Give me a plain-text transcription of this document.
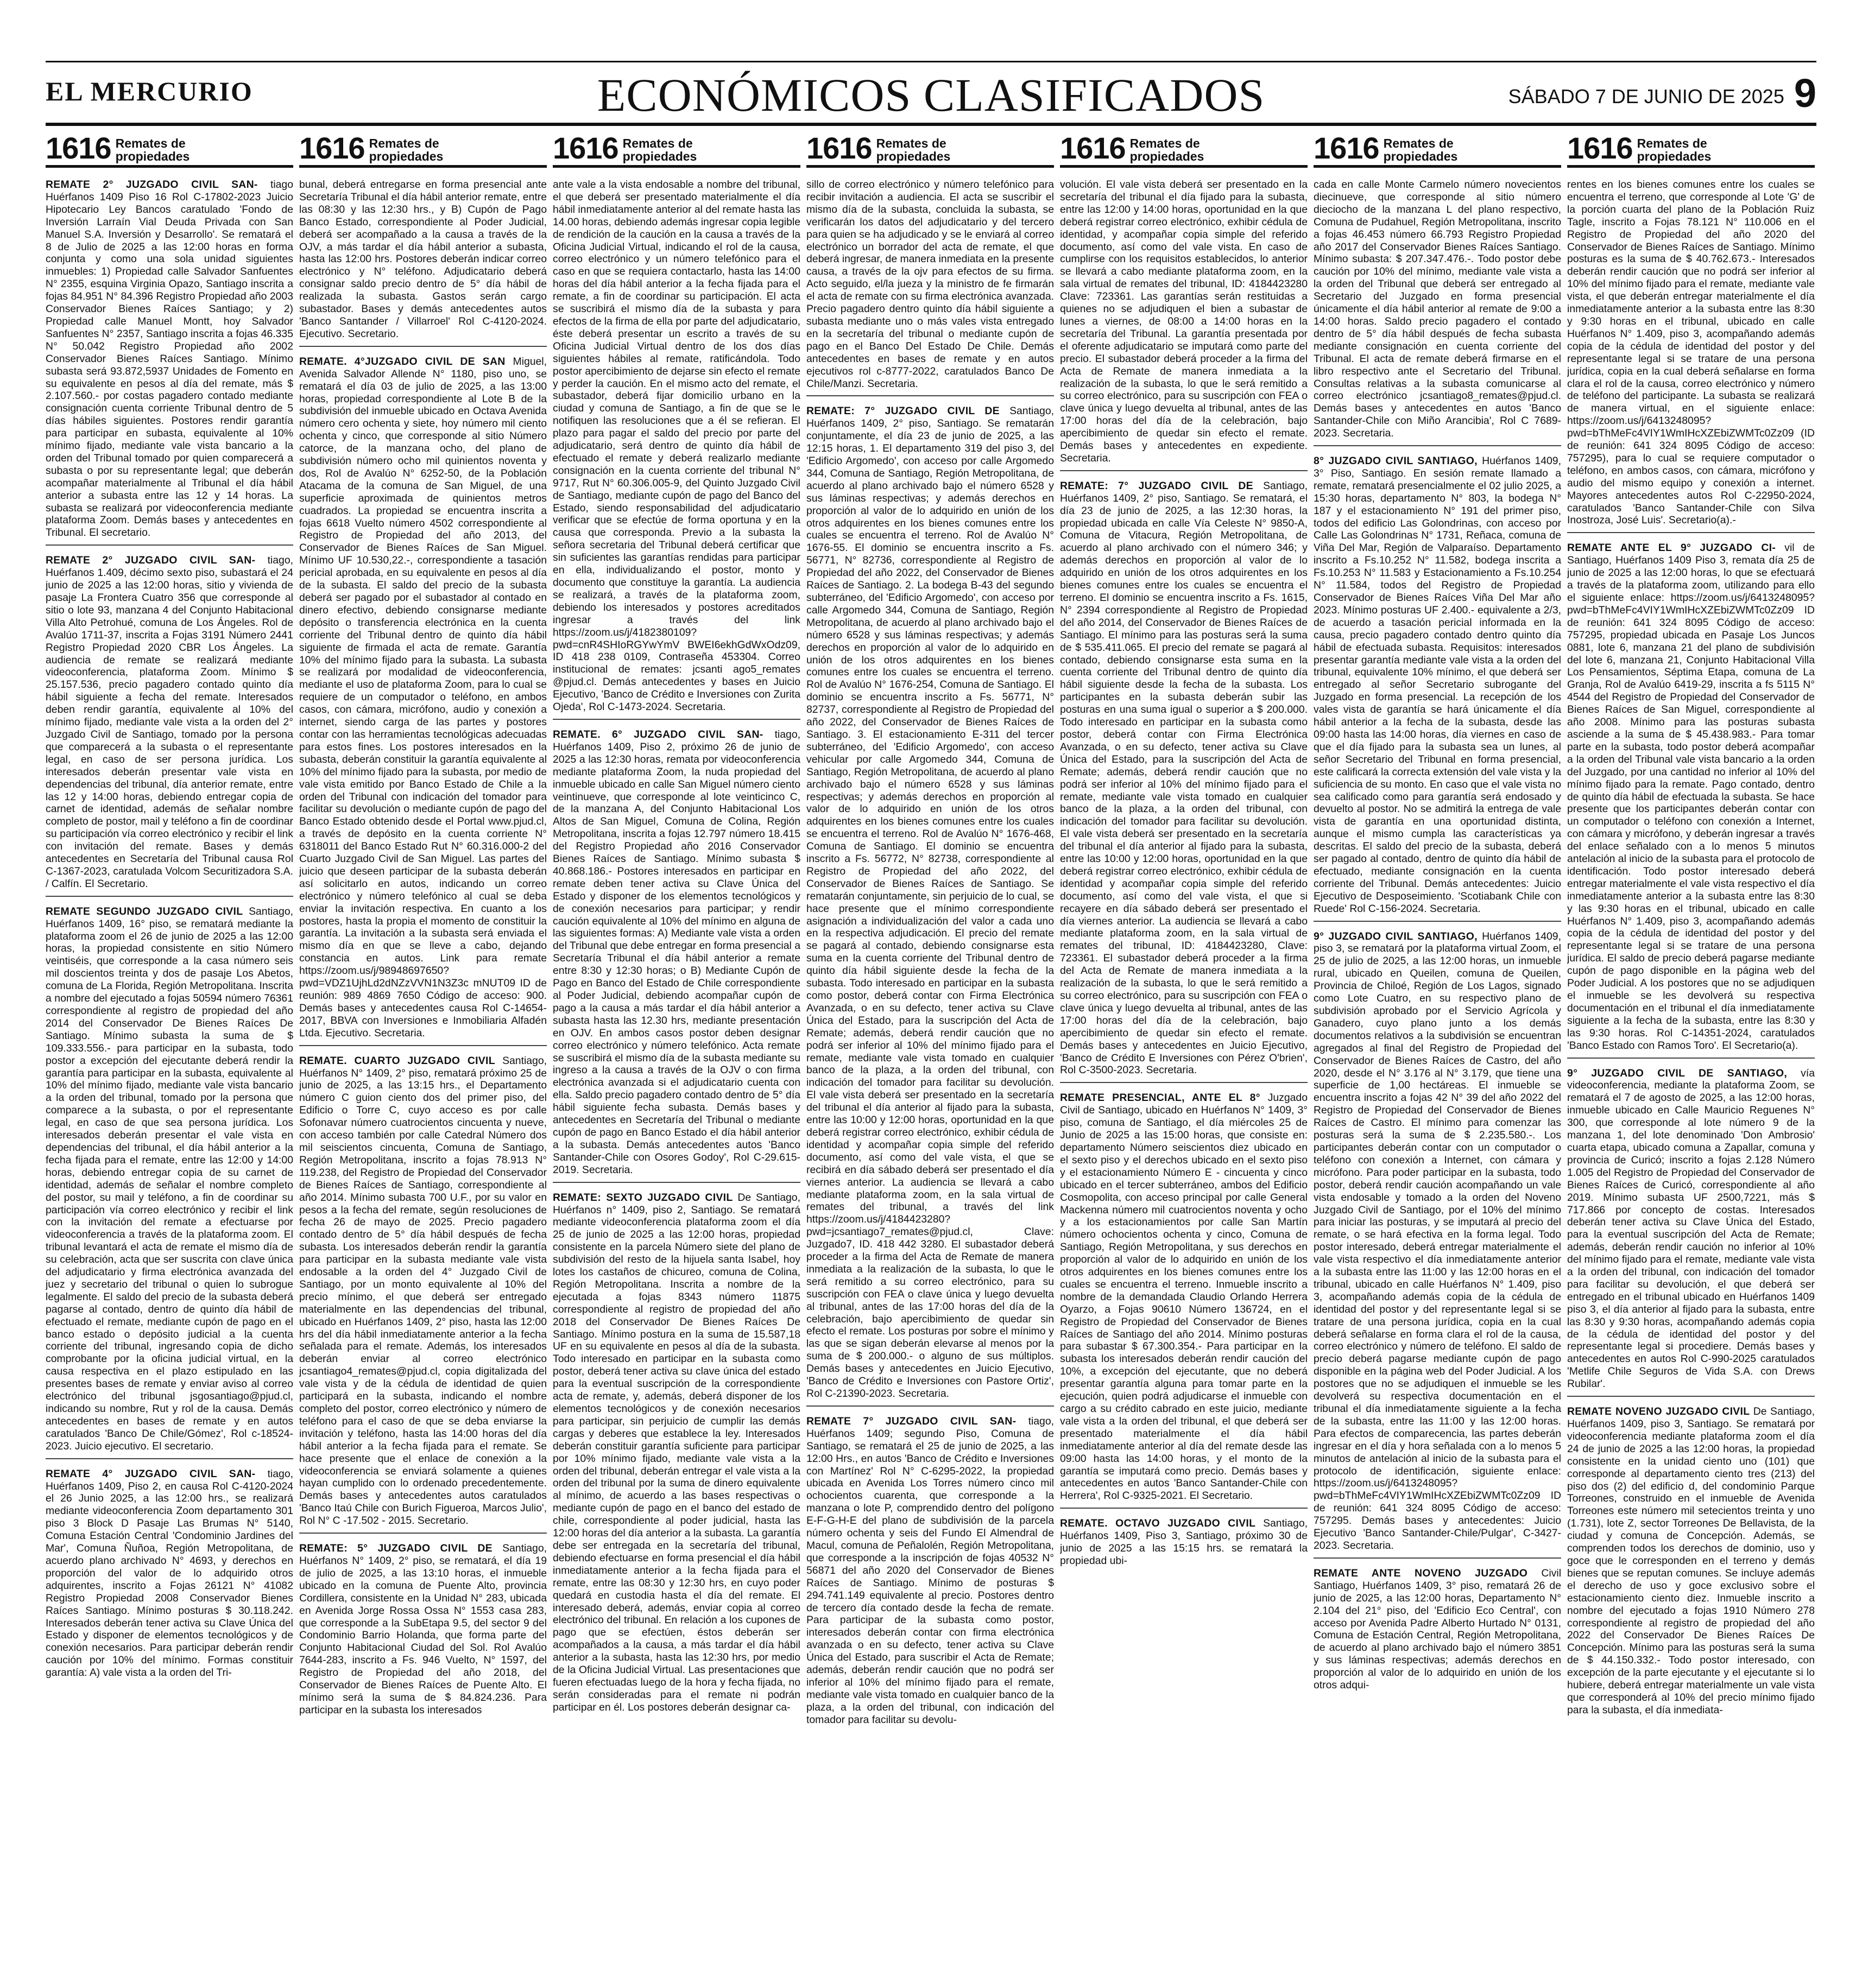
EL MERCURIO	ECONÓMICOS CLASIFICADOS	SÁBADO 7 DE JUNIO DE 2025 9
1616 Remates de propiedades

REMATE 2° JUZGADO CIVIL SAN- tiago Huérfanos 1409 Piso 16 Rol C-17802-2023 Juicio Hipotecario Ley Bancos caratulado 'Fondo de Inversión Larraín Vial Deuda Privada con San Manuel S.A. Inversión y Desarrollo'. Se rematará el 8 de Julio de 2025 a las 12:00 horas en forma conjunta y como una sola unidad siguientes inmuebles: 1) Propiedad calle Salvador Sanfuentes N° 2355, esquina Virginia Opazo, Santiago inscrita a fojas 84.951 N° 84.396 Registro Propiedad año 2003 Conservador Bienes Raíces Santiago; y 2) Propiedad calle Manuel Montt, hoy Salvador Sanfuentes N° 2357, Santiago inscrita a fojas 46.335 N° 50.042 Registro Propiedad año 2002 Conservador Bienes Raíces Santiago. Mínimo subasta será 93.872,5937 Unidades de Fomento en su equivalente en pesos al día del remate, más $ 2.107.560.- por costas pagadero contado mediante consignación cuenta corriente Tribunal dentro de 5 días hábiles siguientes. Postores rendir garantía para participar en subasta, equivalente al 10% mínimo fijado, mediante vale vista bancario a la orden del Tribunal tomado por quien comparecerá a subasta o por su representante legal; que deberán acompañar materialmente al Tribunal el día hábil anterior a subasta entre las 12 y 14 horas. La subasta se realizará por videoconferencia mediante plataforma Zoom. Demás bases y antecedentes en Tribunal. El secretario.

REMATE 2° JUZGADO CIVIL SAN- tiago, Huérfanos 1.409, décimo sexto piso, subastará el 24 junio de 2025 a las 12:00 horas, sitio y vivienda de pasaje La Frontera Cuatro 356 que corresponde al sitio o lote 93, manzana 4 del Conjunto Habitacional Villa Alto Petrohué, comuna de Los Ángeles. Rol de Avalúo 1711-37, inscrita a Fojas 3191 Número 2441 Registro Propiedad 2020 CBR Los Ángeles. La audiencia de remate se realizará mediante videoconferencia, plataforma Zoom. Mínimo $ 25.157.536, precio pagadero contado quinto día hábil siguiente a fecha del remate. Interesados deben rendir garantía, equivalente al 10% del mínimo fijado, mediante vale vista a la orden del 2° Juzgado Civil de Santiago, tomado por la persona que comparecerá a la subasta o el representante legal, en caso de ser persona jurídica. Los interesados deberán presentar vale vista en dependencias del tribunal, día anterior remate, entre las 12 y 14:00 horas, debiendo entregar copia de carnet de identidad, además de señalar nombre completo de postor, mail y teléfono a fin de coordinar su participación vía correo electrónico y recibir el link con invitación del remate. Bases y demás antecedentes en Secretaría del Tribunal causa Rol C-1367-2023, caratulada Volcom Securitizadora S.A. / Calfín. El Secretario.

REMATE SEGUNDO JUZGADO CIVIL Santiago, Huérfanos 1409, 16° piso, se rematará mediante la plataforma zoom el 26 de junio de 2025 a las 12:00 horas, la propiedad consistente en sitio Número veintiséis, que corresponde a la casa número seis mil doscientos treinta y dos de pasaje Los Abetos, comuna de La Florida, Región Metropolitana. Inscrita a nombre del ejecutado a fojas 50594 número 76361 correspondiente al registro de propiedad del año 2014 del Conservador De Bienes Raíces De Santiago. Mínimo subasta la suma de $ 109.333.556.- para participar en la subasta, todo postor a excepción del ejecutante deberá rendir la garantía para participar en la subasta, equivalente al 10% del mínimo fijado, mediante vale vista bancario a la orden del tribunal, tomado por la persona que comparece a la subasta, o por el representante legal, en caso de que sea persona jurídica. Los interesados deberán presentar el vale vista en dependencias del tribunal, el día hábil anterior a la fecha fijada para el remate, entre las 12:00 y 14:00 horas, debiendo entregar copia de su carnet de identidad, además de señalar el nombre completo del postor, su mail y teléfono, a fin de coordinar su participación vía correo electrónico y recibir el link con la invitación del remate a efectuarse por videoconferencia a través de la plataforma zoom. El tribunal levantará el acta de remate el mismo día de su celebración, acta que ser suscrita con clave única del adjudicatario y firma electrónica avanzada del juez y secretario del tribunal o quien lo subrogue legalmente. El saldo del precio de la subasta deberá pagarse al contado, dentro de quinto día hábil de efectuado el remate, mediante cupón de pago en el banco estado o depósito judicial a la cuenta corriente del tribunal, ingresando copia de dicho comprobante por la oficina judicial virtual, en la causa respectiva en el plazo estipulado en las presentes bases de remate y enviar aviso al correo electrónico del tribunal jsgosantiago@pjud.cl, indicando su nombre, Rut y rol de la causa. Demás antecedentes en bases de remate y en autos caratulados 'Banco De Chile/Gómez', Rol c-18524-2023. Juicio ejecutivo. El secretario.

REMATE 4° JUZGADO CIVIL SAN- tiago, Huérfanos 1409, Piso 2, en causa Rol C-4120-2024 el 26 Junio 2025, a las 12:00 hrs., se realizará mediante videoconferencia Zoom departamento 301 piso 3 Block D Pasaje Las Brumas N° 5140, Comuna Estación Central 'Condominio Jardines del Mar', Comuna Ñuñoa, Región Metropolitana, de acuerdo plano archivado N° 4693, y derechos en proporción del valor de lo adquirido otros adquirentes, inscrito a Fojas 26121 N° 41082 Registro Propiedad 2008 Conservador Bienes Raíces Santiago. Mínimo posturas $ 30.118.242. Interesados deberán tener activa su Clave Única del Estado y disponer de elementos tecnológicos y de conexión necesarios. Para participar deberán rendir caución por 10% del mínimo. Formas constituir garantía: A) vale vista a la orden del Tri-

1616 Remates de propiedades

bunal, deberá entregarse en forma presencial ante Secretaría Tribunal el día hábil anterior remate, entre las 08:30 y las 12:30 hrs., y B) Cupón de Pago Banco Estado, correspondiente al Poder Judicial, deberá ser acompañado a la causa a través de la OJV, a más tardar el día hábil anterior a subasta, hasta las 12:00 hrs. Postores deberán indicar correo electrónico y N° teléfono. Adjudicatario deberá consignar saldo precio dentro de 5° día hábil de realizada la subasta. Gastos serán cargo subastador. Bases y demás antecedentes autos 'Banco Santander / Villarroel' Rol C-4120-2024. Ejecutivo. Secretario.

REMATE. 4°JUZGADO CIVIL DE SAN Miguel, Avenida Salvador Allende N° 1180, piso uno, se rematará el día 03 de julio de 2025, a las 13:00 horas, propiedad correspondiente al Lote B de la subdivisión del inmueble ubicado en Octava Avenida número cero ochenta y siete, hoy número mil ciento ochenta y cinco, que corresponde al sitio Número catorce, de la manzana ocho, del plano de subdivisión número ocho mil quinientos noventa y dos, Rol de Avalúo N° 6252-50, de la Población Atacama de la comuna de San Miguel, de una superficie aproximada de quinientos metros cuadrados. La propiedad se encuentra inscrita a fojas 6618 Vuelto número 4502 correspondiente al Registro de Propiedad del año 2013, del Conservador de Bienes Raíces de San Miguel. Mínimo UF 10.530,22.-, correspondiente a tasación pericial aprobada, en su equivalente en pesos al día de la subasta. El saldo del precio de la subasta deberá ser pagado por el subastador al contado en dinero efectivo, debiendo consignarse mediante depósito o transferencia electrónica en la cuenta corriente del Tribunal dentro de quinto día hábil siguiente de firmada el acta de remate. Garantía 10% del mínimo fijado para la subasta. La subasta se realizará por modalidad de videoconferencia, mediante el uso de plataforma Zoom, para lo cual se requiere de un computador o teléfono, en ambos casos, con cámara, micrófono, audio y conexión a internet, siendo carga de las partes y postores contar con las herramientas tecnológicas adecuadas para estos fines. Los postores interesados en la subasta, deberán constituir la garantía equivalente al 10% del mínimo fijado para la subasta, por medio de vale vista emitido por Banco Estado de Chile a la orden del Tribunal con indicación del tomador para facilitar su devolución o mediante cupón de pago del Banco Estado obtenido desde el Portal www.pjud.cl, a través de depósito en la cuenta corriente N° 6318011 del Banco Estado Rut N° 60.316.000-2 del Cuarto Juzgado Civil de San Miguel. Las partes del juicio que deseen participar de la subasta deberán así solicitarlo en autos, indicando un correo electrónico y número telefónico al cual se deba enviar la invitación respectiva. En cuanto a los postores, hasta la propia el momento de constituir la garantía. La invitación a la subasta será enviada el mismo día en que se lleve a cabo, dejando constancia en autos. Link para remate https://zoom.us/j/98948697650?pwd=VDZ1UjhLd2dNZzVVN1N3Z3c mNUT09 ID de reunión: 989 4869 7650 Código de acceso: 900. Demás bases y antecedentes causa Rol C-14654-2017, BBVA con Inversiones e Inmobiliaria Alfadén Ltda. Ejecutivo. Secretaria.

REMATE. CUARTO JUZGADO CIVIL Santiago, Huérfanos N° 1409, 2° piso, rematará próximo 25 de junio de 2025, a las 13:15 hrs., el Departamento número C guion ciento dos del primer piso, del Edificio o Torre C, cuyo acceso es por calle Sofonavar número cuatrocientos cincuenta y nueve, con acceso también por calle Catedral Número dos mil seiscientos cincuenta, Comuna de Santiago, Región Metropolitana, inscrito a fojas 78.913 N° 119.238, del Registro de Propiedad del Conservador de Bienes Raíces de Santiago, correspondiente al año 2014. Mínimo subasta 700 U.F., por su valor en pesos a la fecha del remate, según resoluciones de fecha 26 de mayo de 2025. Precio pagadero contado dentro de 5° día hábil después de fecha subasta. Los interesados deberán rendir la garantía para participar en la subasta mediante vale vista endosable a la orden del 4° Juzgado Civil de Santiago, por un monto equivalente al 10% del precio mínimo, el que deberá ser entregado materialmente en las dependencias del tribunal, ubicado en Huérfanos 1409, 2° piso, hasta las 12:00 hrs del día hábil inmediatamente anterior a la fecha señalada para el remate. Además, los interesados deberán enviar al correo electrónico jcsantiago4_remates@pjud.cl, copia digitalizada del vale vista y de la cédula de identidad de quien participará en la subasta, indicando el nombre completo del postor, correo electrónico y número de teléfono para el caso de que se deba enviarse la invitación y teléfono, hasta las 14:00 horas del día hábil anterior a la fecha fijada para el remate. Se hace presente que el enlace de conexión a la videoconferencia se enviará solamente a quienes hayan cumplido con lo ordenado precedentemente. Demás bases y antecedentes autos caratulados 'Banco Itaú Chile con Burich Figueroa, Marcos Julio', Rol N° C -17.502 - 2015. Secretario.

REMATE: 5° JUZGADO CIVIL DE Santiago, Huérfanos N° 1409, 2° piso, se rematará, el día 19 de julio de 2025, a las 13:10 horas, el inmueble ubicado en la comuna de Puente Alto, provincia Cordillera, consistente en la Unidad N° 283, ubicada en Avenida Jorge Rossa Ossa N° 1553 casa 283, que corresponde a la SubEtapa 9.5, del sector 9 del Condominio Barrio Holanda, que forma parte del Conjunto Habitacional Ciudad del Sol. Rol Avalúo 7644-283, inscrito a Fs. 946 Vuelto, N° 1597, del Registro de Propiedad del año 2018, del Conservador de Bienes Raíces de Puente Alto. El mínimo será la suma de $ 84.824.236. Para participar en la subasta los interesados

1616 Remates de propiedades

ante vale a la vista endosable a nombre del tribunal, el que deberá ser presentado materialmente el día hábil inmediatamente anterior al del remate hasta las 14.00 horas, debiendo además ingresar copia legible de rendición de la caución en la causa a través de la Oficina Judicial Virtual, indicando el rol de la causa, correo electrónico y un número telefónico para el caso en que se requiera contactarlo, hasta las 14:00 horas del día hábil anterior a la fecha fijada para el remate, a fin de coordinar su participación. El acta se suscribirá el mismo día de la subasta y para efectos de la firma de ella por parte del adjudicatario, éste deberá presentar un escrito a través de su Oficina Judicial Virtual dentro de los dos días siguientes hábiles al remate, ratificándola. Todo postor apercibimiento de dejarse sin efecto el remate y perder la caución. En el mismo acto del remate, el subastador, deberá fijar domicilio urbano en la ciudad y comuna de Santiago, a fin de que se le notifiquen las resoluciones que a él se refieran. El plazo para pagar el saldo del precio por parte del adjudicatario, será dentro de quinto día hábil de efectuado el remate y deberá realizarlo mediante consignación en la cuenta corriente del tribunal N° 9717, Rut N° 60.306.005-9, del Quinto Juzgado Civil de Santiago, mediante cupón de pago del Banco del Estado, siendo responsabilidad del adjudicatario verificar que se efectúe de forma oportuna y en la causa que corresponda. Previo a la subasta la señora secretaria del Tribunal deberá certificar que sin suficientes las garantías rendidas para participar en ella, individualizando el postor, monto y documento que constituye la garantía. La audiencia se realizará, a través de la plataforma zoom, debiendo los interesados y postores acreditados ingresar a través del link https://zoom.us/j/4182380109?pwd=cnR4SHIoRGYwYmV BWEI6ekhGdWxOdz09, ID 418 238 0109, Contraseña 453304. Correo institucional de remates: jcsanti ago5_remates @pjud.cl. Demás antecedentes y bases en Juicio Ejecutivo, 'Banco de Crédito e Inversiones con Zurita Ojeda', Rol C-1473-2024. Secretaria.

REMATE. 6° JUZGADO CIVIL SAN- tiago, Huérfanos 1409, Piso 2, próximo 26 de junio de 2025 a las 12:30 horas, remata por videoconferencia mediante plataforma Zoom, la nuda propiedad del inmueble ubicado en calle San Miguel número ciento veintinueve, que corresponde al lote veinticinco C, de la manzana A, del Conjunto Habitacional Los Altos de San Miguel, Comuna de Colina, Región Metropolitana, inscrita a fojas 12.797 número 18.415 del Registro Propiedad año 2016 Conservador Bienes Raíces de Santiago. Mínimo subasta $ 40.868.186.- Postores interesados en participar en remate deben tener activa su Clave Única del Estado y disponer de los elementos tecnológicos y de conexión necesarios para participar; y rendir caución equivalente al 10% del mínimo en alguna de las siguientes formas: A) Mediante vale vista a orden del Tribunal que debe entregar en forma presencial a Secretaría Tribunal el día hábil anterior a remate entre 8:30 y 12:30 horas; o B) Mediante Cupón de Pago en Banco del Estado de Chile correspondiente al Poder Judicial, debiendo acompañar cupón de pago a la causa a más tardar el día hábil anterior a subasta hasta las 12.30 hrs, mediante presentación en OJV. En ambos casos postor deben designar correo electrónico y número telefónico. Acta remate se suscribirá el mismo día de la subasta mediante su ingreso a la causa a través de la OJV o con firma electrónica avanzada si el adjudicatario cuenta con ella. Saldo precio pagadero contado dentro de 5° día hábil siguiente fecha subasta. Demás bases y antecedentes en Secretaría del Tribunal o mediante cupón de pago en Banco Estado el día hábil anterior a la subasta. Demás antecedentes autos 'Banco Santander-Chile con Osores Godoy', Rol C-29.615-2019. Secretaria.

REMATE: SEXTO JUZGADO CIVIL De Santiago, Huérfanos n° 1409, piso 2, Santiago. Se rematará mediante videoconferencia plataforma zoom el día 25 de junio de 2025 a las 12:00 horas, propiedad consistente en la parcela Número siete del plano de subdivisión del resto de la hijuela santa Isabel, hoy lotes los castaños de chicureo, comuna de Colina, Región Metropolitana. Inscrita a nombre de la ejecutada a fojas 8343 número 11875 correspondiente al registro de propiedad del año 2018 del Conservador De Bienes Raíces De Santiago. Mínimo postura en la suma de 15.587,18 UF en su equivalente en pesos al día de la subasta. Todo interesado en participar en la subasta como postor, deberá tener activa su clave única del estado para la eventual suscripción de la correspondiente acta de remate, y, además, deberá disponer de los elementos tecnológicos y de conexión necesarios para participar, sin perjuicio de cumplir las demás cargas y deberes que establece la ley. Interesados deberán constituir garantía suficiente para participar por 10% mínimo fijado, mediante vale vista a la orden del tribunal, deberán entregar el vale vista a la orden del tribunal por la suma de dinero equivalente al mínimo, de acuerdo a las bases respectivas o mediante cupón de pago en el banco del estado de chile, correspondiente al poder judicial, hasta las 12:00 horas del día anterior a la subasta. La garantía debe ser entregada en la secretaría del tribunal, debiendo efectuarse en forma presencial el día hábil inmediatamente anterior a la fecha fijada para el remate, entre las 08:30 y 12:30 hrs, en cuyo poder quedará en custodia hasta el día del remate. El interesado deberá, además, enviar copia al correo electrónico del tribunal. En relación a los cupones de pago que se efectúen, éstos deberán ser acompañados a la causa, a más tardar el día hábil anterior a la subasta, hasta las 12:30 hrs, por medio de la Oficina Judicial Virtual. Las presentaciones que fueren efectuadas luego de la hora y fecha fijada, no serán consideradas para el remate ni podrán participar en él. Los postores deberán designar ca-

1616 Remates de propiedades

sillo de correo electrónico y número telefónico para recibir invitación a audiencia. El acta se suscribir el mismo día de la subasta, concluida la subasta, se verificarán los datos del adjudicatario y del tercero para quien se ha adjudicado y se le enviará al correo electrónico un borrador del acta de remate, el que deberá ingresar, de manera inmediata en la presente causa, a través de la ojv para efectos de su firma. Acto seguido, el/la jueza y la ministro de fe firmarán el acta de remate con su firma electrónica avanzada. Precio pagadero dentro quinto día hábil siguiente a subasta mediante uno o más vales vista entregado en la secretaría del tribunal o mediante cupón de pago en el Banco Del Estado De Chile. Demás antecedentes en bases de remate y en autos ejecutivos rol c-8777-2022, caratulados Banco De Chile/Manzi. Secretaria.

REMATE: 7° JUZGADO CIVIL DE Santiago, Huérfanos 1409, 2° piso, Santiago. Se rematarán conjuntamente, el día 23 de junio de 2025, a las 12:15 horas, 1. El departamento 319 del piso 3, del 'Edificio Argomedo', con acceso por calle Argomedo 344, Comuna de Santiago, Región Metropolitana, de acuerdo al plano archivado bajo el número 6528 y sus láminas respectivas; y además derechos en proporción al valor de lo adquirido en unión de los otros adquirentes en los bienes comunes entre los cuales se encuentra el terreno. Rol de Avalúo N° 1676-55. El dominio se encuentra inscrito a Fs. 56771, N° 82736, correspondiente al Registro de Propiedad del año 2022, del Conservador de Bienes Raíces de Santiago. 2. La bodega B-43 del segundo subterráneo, del 'Edificio Argomedo', con acceso por calle Argomedo 344, Comuna de Santiago, Región Metropolitana, de acuerdo al plano archivado bajo el número 6528 y sus láminas respectivas; y además derechos en proporción al valor de lo adquirido en unión de los otros adquirentes en los bienes comunes entre los cuales se encuentra el terreno. Rol de Avalúo N° 1676-254, Comuna de Santiago. El dominio se encuentra inscrito a Fs. 56771, N° 82737, correspondiente al Registro de Propiedad del año 2022, del Conservador de Bienes Raíces de Santiago. 3. El estacionamiento E-311 del tercer subterráneo, del 'Edificio Argomedo', con acceso vehicular por calle Argomedo 344, Comuna de Santiago, Región Metropolitana, de acuerdo al plano archivado bajo el número 6528 y sus láminas respectivas; y además derechos en proporción al valor de lo adquirido en unión de los otros adquirentes en los bienes comunes entre los cuales se encuentra el terreno. Rol de Avalúo N° 1676-468, Comuna de Santiago. El dominio se encuentra inscrito a Fs. 56772, N° 82738, correspondiente al Registro de Propiedad del año 2022, del Conservador de Bienes Raíces de Santiago. Se rematarán conjuntamente, sin perjuicio de lo cual, se hace presente que el mínimo correspondiente asignación a individualización del valor a cada uno en la respectiva adjudicación. El precio del remate se pagará al contado, debiendo consignarse esta suma en la cuenta corriente del Tribunal dentro de quinto día hábil siguiente desde la fecha de la subasta. Todo interesado en participar en la subasta como postor, deberá contar con Firma Electrónica Avanzada, o en su defecto, tener activa su Clave Única del Estado, para la suscripción del Acta de Remate; además, deberá rendir caución que no podrá ser inferior al 10% del mínimo fijado para el remate, mediante vale vista tomado en cualquier banco de la plaza, a la orden del tribunal, con indicación del tomador para facilitar su devolución. El vale vista deberá ser presentado en la secretaría del tribunal el día anterior al fijado para la subasta, entre las 10:00 y 12:00 horas, oportunidad en la que deberá registrar correo electrónico, exhibir cédula de identidad y acompañar copia simple del referido documento, así como del vale vista, el que se recibirá en día sábado deberá ser presentado el día viernes anterior. La audiencia se llevará a cabo mediante plataforma zoom, en la sala virtual de remates del tribunal, a través del link https://zoom.us/j/4184423280?pwd=jcsantiago7_remates@pjud.cl, Clave: Juzgado7, ID. 418 442 3280. El subastador deberá proceder a la firma del Acta de Remate de manera inmediata a la realización de la subasta, lo que le será remitido a su correo electrónico, para su suscripción con FEA o clave única y luego devuelta al tribunal, antes de las 17:00 horas del día de la celebración, bajo apercibimiento de quedar sin efecto el remate. Los posturas por sobre el mínimo y las que se sigan deberán elevarse al menos por la suma de $ 200.000.- o alguno de sus múltiplos. Demás bases y antecedentes en Juicio Ejecutivo, 'Banco de Crédito e Inversiones con Pastore Ortiz', Rol C-21390-2023. Secretaria.

REMATE 7° JUZGADO CIVIL SAN- tiago, Huérfanos 1409; segundo Piso, Comuna de Santiago, se rematará el 25 de junio de 2025, a las 12:00 Hrs., en autos 'Banco de Crédito e Inversiones con Martínez' Rol N° C-6295-2022, la propiedad ubicada en Avenida Los Torres número cinco mil ochocientos cuarenta, que corresponde a la manzana o lote P, comprendido dentro del polígono E-F-G-H-E del plano de subdivisión de la parcela número ochenta y seis del Fundo El Almendral de Macul, comuna de Peñalolén, Región Metropolitana, que corresponde a la inscripción de fojas 40532 N° 56871 del año 2020 del Conservador de Bienes Raíces de Santiago. Mínimo de posturas $ 294.741.149 equivalente al precio. Postores dentro de tercero día contado desde la fecha de remate. Para participar de la subasta como postor, interesados deberán contar con firma electrónica avanzada o en su defecto, tener activa su Clave Única del Estado, para suscribir el Acta de Remate; además, deberán rendir caución que no podrá ser inferior al 10% del mínimo fijado para el remate, mediante vale vista tomado en cualquier banco de la plaza, a la orden del tribunal, con indicación del tomador para facilitar su devolu-

1616 Remates de propiedades

volución. El vale vista deberá ser presentado en la secretaría del tribunal el día fijado para la subasta, entre las 12:00 y 14:00 horas, oportunidad en la que deberá registrar correo electrónico, exhibir cédula de identidad, y acompañar copia simple del referido documento, así como del vale vista. En caso de cumplirse con los requisitos establecidos, lo anterior se llevará a cabo mediante plataforma zoom, en la sala virtual de remates del tribunal, ID: 4184423280 Clave: 723361. Las garantías serán restituidas a quienes no se adjudiquen el bien a subastar de lunes a viernes, de 08:00 a 14:00 horas en la secretaría del Tribunal. La garantía presentada por el oferente adjudicatario se imputará como parte del precio. El subastador deberá proceder a la firma del Acta de Remate de manera inmediata a la realización de la subasta, lo que le será remitido a su correo electrónico, para su suscripción con FEA o clave única y luego devuelta al tribunal, antes de las 17:00 horas del día de la celebración, bajo apercibimiento de quedar sin efecto el remate. Demás bases y antecedentes en expediente. Secretaria.

REMATE: 7° JUZGADO CIVIL DE Santiago, Huérfanos 1409, 2° piso, Santiago. Se rematará, el día 23 de junio de 2025, a las 12:30 horas, la propiedad ubicada en calle Vía Celeste N° 9850-A, Comuna de Vitacura, Región Metropolitana, de acuerdo al plano archivado con el número 346; y además derechos en proporción al valor de lo adquirido en unión de los otros adquirentes en los bienes comunes entre los cuales se encuentra el terreno. El dominio se encuentra inscrito a Fs. 1615, N° 2394 correspondiente al Registro de Propiedad del año 2014, del Conservador de Bienes Raíces de Santiago. El mínimo para las posturas será la suma de $ 535.411.065. El precio del remate se pagará al contado, debiendo consignarse esta suma en la cuenta corriente del Tribunal dentro de quinto día hábil siguiente desde la fecha de la subasta. Los participantes en la subasta deberán subir las posturas en una suma igual o superior a $ 200.000. Todo interesado en participar en la subasta como postor, deberá contar con Firma Electrónica Avanzada, o en su defecto, tener activa su Clave Única del Estado, para la suscripción del Acta de Remate; además, deberá rendir caución que no podrá ser inferior al 10% del mínimo fijado para el remate, mediante vale vista tomado en cualquier banco de la plaza, a la orden del tribunal, con indicación del tomador para facilitar su devolución. El vale vista deberá ser presentado en la secretaría del tribunal el día anterior al fijado para la subasta, entre las 10:00 y 12:00 horas, oportunidad en la que deberá registrar correo electrónico, exhibir cédula de identidad y acompañar copia simple del referido documento, así como del vale vista, el que si recayere en día sábado deberá ser presentado el día viernes anterior. La audiencia se llevará a cabo mediante plataforma zoom, en la sala virtual de remates del tribunal, ID: 4184423280, Clave: 723361. El subastador deberá proceder a la firma del Acta de Remate de manera inmediata a la realización de la subasta, lo que le será remitido a su correo electrónico, para su suscripción con FEA o clave única y luego devuelta al tribunal, antes de las 17:00 horas del día de la celebración, bajo apercibimiento de quedar sin efecto el remate. Demás bases y antecedentes en Juicio Ejecutivo, 'Banco de Crédito E Inversiones con Pérez O'brien', Rol C-3500-2023. Secretaria.

REMATE PRESENCIAL, ANTE EL 8° Juzgado Civil de Santiago, ubicado en Huérfanos N° 1409, 3° piso, comuna de Santiago, el día miércoles 25 de Junio de 2025 a las 15:00 horas, que consiste en: departamento Número seiscientos diez ubicado en el sexto piso y el derechos ubicado en el sexto piso y el estacionamiento Número E - cincuenta y cinco ubicado en el tercer subterráneo, ambos del Edificio Cosmopolita, con acceso principal por calle General Mackenna número mil cuatrocientos noventa y ocho y a los estacionamientos por calle San Martín número ochocientos ochenta y cinco, Comuna de Santiago, Región Metropolitana, y sus derechos en proporción al valor de lo adquirido en unión de los otros adquirentes en los bienes comunes entre los cuales se encuentra el terreno. Inmueble inscrito a nombre de la demandada Claudio Orlando Herrera Oyarzo, a Fojas 90610 Número 136724, en el Registro de Propiedad del Conservador de Bienes Raíces de Santiago del año 2014. Mínimo posturas para subastar $ 67.300.354.- Para participar en la subasta los interesados deberán rendir caución del 10%, a excepción del ejecutante, que no deberá presentar garantía alguna para tomar parte en la ejecución, quien podrá adjudicarse el inmueble con cargo a su crédito cabrado en este juicio, mediante vale vista a la orden del tribunal, el que deberá ser presentado materialmente el día hábil inmediatamente anterior al día del remate desde las 09:00 hasta las 14:00 horas, y el monto de la garantía se imputará como precio. Demás bases y antecedentes en autos 'Banco Santander-Chile con Herrera', Rol C-9325-2021. El Secretario.

REMATE. OCTAVO JUZGADO CIVIL Santiago, Huérfanos 1409, Piso 3, Santiago, próximo 30 de junio de 2025 a las 15:15 hrs. se rematará la propiedad ubi-

1616 Remates de propiedades

cada en calle Monte Carmelo número novecientos diecinueve, que corresponde al sitio número dieciocho de la manzana L del plano respectivo, Comuna de Pudahuel, Región Metropolitana, inscrito a fojas 46.453 número 66.793 Registro Propiedad año 2017 del Conservador Bienes Raíces Santiago. Mínimo subasta: $ 207.347.476.-. Todo postor debe caución por 10% del mínimo, mediante vale vista a la orden del Tribunal que deberá ser entregado al Secretario del Juzgado en forma presencial únicamente el día hábil anterior al remate de 9:00 a 14:00 horas. Saldo precio pagadero el contado dentro de 5° día hábil después de fecha subasta mediante consignación en cuenta corriente del Tribunal. El acta de remate deberá firmarse en el libro respectivo ante el Secretario del Tribunal. Consultas relativas a la subasta comunicarse al correo electrónico jcsantiago8_remates@pjud.cl. Demás bases y antecedentes en autos 'Banco Santander-Chile con Miño Arancibia', Rol C 7689-2023. Secretaria.

8° JUZGADO CIVIL SANTIAGO, Huérfanos 1409, 3° Piso, Santiago. En sesión remate llamado a remate, rematará presencialmente el 02 julio 2025, a 15:30 horas, departamento N° 803, la bodega N° 187 y el estacionamiento N° 191 del primer piso, todos del edificio Las Golondrinas, con acceso por Calle Las Golondrinas N° 1731, Reñaca, comuna de Viña Del Mar, Región de Valparaíso. Departamento inscrito a Fs.10.252 N° 11.582, bodega inscrita a Fs.10.253 N° 11.583 y Estacionamiento a Fs.10.254 N° 11.584, todos del Registro de Propiedad Conservador de Bienes Raíces Viña Del Mar año 2023. Mínimo posturas UF 2.400.- equivalente a 2/3, de acuerdo a tasación pericial informada en la causa, precio pagadero contado dentro quinto día hábil de efectuada subasta. Requisitos: interesados presentar garantía mediante vale vista a la orden del tribunal, equivalente 10% mínimo, el que deberá ser entregado al señor Secretario subrogante del Juzgado en forma presencial. La recepción de los vales vista de garantía se hará únicamente el día hábil anterior a la fecha de la subasta, desde las 09:00 hasta las 14:00 horas, día viernes en caso de que el día fijado para la subasta sea un lunes, al señor Secretario del Tribunal en forma presencial, este calificará la correcta extensión del vale vista y la suficiencia de su monto. En caso que el vale vista no sea calificado como para garantía será endosado y devuelto al postor. No se admitirá la entrega de vale vista de garantía en una oportunidad distinta, aunque el mismo cumpla las características ya descritas. El saldo del precio de la subasta, deberá ser pagado al contado, dentro de quinto día hábil de efectuado, mediante consignación en la cuenta corriente del Tribunal. Demás antecedentes: Juicio Ejecutivo de Desposeimiento. 'Scotiabank Chile con Ruede' Rol C-156-2024. Secretaria.

9° JUZGADO CIVIL SANTIAGO, Huérfanos 1409, piso 3, se rematará por la plataforma virtual Zoom, el 25 de julio de 2025, a las 12:00 horas, un inmueble rural, ubicado en Queilen, comuna de Queilen, Provincia de Chiloé, Región de Los Lagos, signado como Lote Cuatro, en su respectivo plano de subdivisión aprobado por el Servicio Agrícola y Ganadero, cuyo plano junto a los demás documentos relativos a la subdivisión se encuentran agregados al final del Registro de Propiedad del Conservador de Bienes Raíces de Castro, del año 2020, desde el N° 3.176 al N° 3.179, que tiene una superficie de 1,00 hectáreas. El inmueble se encuentra inscrito a fojas 42 N° 39 del año 2022 del Registro de Propiedad del Conservador de Bienes Raíces de Castro. El mínimo para comenzar las posturas será la suma de $ 2.235.580.-. Los participantes deberán contar con un computador o teléfono con conexión a Internet, con cámara y micrófono. Para poder participar en la subasta, todo postor, deberá rendir caución acompañando un vale vista endosable y tomado a la orden del Noveno Juzgado Civil de Santiago, por el 10% del mínimo para iniciar las posturas, y se imputará al precio del remate, o se hará efectiva en la forma legal. Todo postor interesado, deberá entregar materialmente el vale vista respectivo el día inmediatamente anterior a la subasta entre las 11:00 y las 12:00 horas en el tribunal, ubicado en calle Huérfanos N° 1.409, piso 3, acompañando además copia de la cédula de identidad del postor y del representante legal si se tratare de una persona jurídica, copia en la cual deberá señalarse en forma clara el rol de la causa, correo electrónico y número de teléfono. El saldo de precio deberá pagarse mediante cupón de pago disponible en la página web del Poder Judicial. A los postores que no se adjudiquen el inmueble se les devolverá su respectiva documentación en el tribunal el día inmediatamente siguiente a la fecha de la subasta, entre las 11:00 y las 12:00 horas. Para efectos de comparecencia, las partes deberán ingresar en el día y hora señalada con a lo menos 5 minutos de antelación al inicio de la subasta para el protocolo de identificación, siguiente enlace: https://zoom.us/j/6413248095?pwd=bThMeFc4VIY1WmIHcXZEbiZWMTc0Zz09 ID de reunión: 641 324 8095 Código de acceso: 757295. Demás bases y antecedentes: Juicio Ejecutivo 'Banco Santander-Chile/Pulgar', C-3427-2023. Secretaria.

REMATE ANTE NOVENO JUZGADO Civil Santiago, Huérfanos 1409, 3° piso, rematará 26 de junio de 2025, a las 12:00 horas, Departamento N° 2.104 del 21° piso, del 'Edificio Eco Central', con acceso por Avenida Padre Alberto Hurtado N° 0131, Comuna de Estación Central, Región Metropolitana, de acuerdo al plano archivado bajo el número 3851 y sus láminas respectivas; además derechos en proporción al valor de lo adquirido en unión de los otros adqui-

1616 Remates de propiedades

rentes en los bienes comunes entre los cuales se encuentra el terreno, que corresponde al Lote 'G' de la porción cuarta del plano de la Población Ruiz Tagle, inscrito a Fojas 78.121 N° 110.006 en el Registro de Propiedad del año 2020 del Conservador de Bienes Raíces de Santiago. Mínimo posturas es la suma de $ 40.762.673.- Interesados deberán rendir caución que no podrá ser inferior al 10% del mínimo fijado para el remate, mediante vale vista, el que deberán entregar materialmente el día inmediatamente anterior a la subasta entre las 8:30 y 9:30 horas en el tribunal, ubicado en calle Huérfanos N° 1.409, piso 3, acompañando además copia de la cédula de identidad del postor y del representante legal si se tratare de una persona jurídica, copia en la cual deberá señalarse en forma clara el rol de la causa, correo electrónico y número de teléfono del participante. La subasta se realizará de manera virtual, en el siguiente enlace: https://zoom.us/j/6413248095?pwd=bThMeFc4VIY1WmIHcXZEbiZWMTc0Zz09 (ID de reunión: 641 324 8095 Código de acceso: 757295), para lo cual se requiere computador o teléfono, en ambos casos, con cámara, micrófono y audio del mismo equipo y conexión a internet. Mayores antecedentes autos Rol C-22950-2024, caratulados 'Banco Santander-Chile con Silva Inostroza, José Luis'. Secretario(a).-

REMATE ANTE EL 9° JUZGADO CI- vil de Santiago, Huérfanos 1409 Piso 3, remata día 25 de junio de 2025 a las 12:00 horas, lo que se efectuará a través de la plataforma zoom, utilizando para ello el siguiente enlace: https://zoom.us/j/6413248095? pwd=bThMeFc4VIY1WmIHcXZEbiZWMTc0Zz09 ID de reunión: 641 324 8095 Código de acceso: 757295, propiedad ubicada en Pasaje Los Juncos 0881, lote 6, manzana 21 del plano de subdivisión del lote 6, manzana 21, Conjunto Habitacional Villa Los Pensamientos, Séptima Etapa, comuna de La Granja, Rol de Avalúo 6419-29, inscrita a fs 5115 N° 4544 del Registro de Propiedad del Conservador de Bienes Raíces de San Miguel, correspondiente al año 2008. Mínimo para las posturas subasta asciende a la suma de $ 45.438.983.- Para tomar parte en la subasta, todo postor deberá acompañar a la orden del Tribunal vale vista bancario a la orden del Juzgado, por una cantidad no inferior al 10% del mínimo fijado para la remate. Pago contado, dentro de quinto día hábil de efectuada la subasta. Se hace presente que los participantes deberán contar con un computador o teléfono con conexión a Internet, con cámara y micrófono, y deberán ingresar a través del enlace señalado con a lo menos 5 minutos antelación al inicio de la subasta para el protocolo de identificación. Todo postor interesado deberá entregar materialmente el vale vista respectivo el día inmediatamente anterior a la subasta entre las 8:30 y las 9:30 horas en el tribunal, ubicado en calle Huérfanos N° 1.409, piso 3, acompañando además copia de la cédula de identidad del postor y del representante legal si se tratare de una persona jurídica. El saldo de precio deberá pagarse mediante cupón de pago disponible en la página web del Poder Judicial. A los postores que no se adjudiquen el inmueble se les devolverá su respectiva documentación en el tribunal el día inmediatamente siguiente a la fecha de la subasta, entre las 8:30 y las 9:30 horas. Rol C-14351-2024, caratulados 'Banco Estado con Ramos Toro'. El Secretario(a).

9° JUZGADO CIVIL DE SANTIAGO, vía videoconferencia, mediante la plataforma Zoom, se rematará el 7 de agosto de 2025, a las 12:00 horas, inmueble ubicado en Calle Mauricio Reguenes N° 300, que corresponde al lote número 9 de la manzana 1, del lote denominado 'Don Ambrosio' cuarta etapa, ubicado comuna a Zapallar, comuna y provincia de Curicó; inscrito a fojas 2.128 Número 1.005 del Registro de Propiedad del Conservador de Bienes Raíces de Curicó, correspondiente al año 2019. Mínimo subasta UF 2500,7221, más $ 717.866 por concepto de costas. Interesados deberán tener activa su Clave Única del Estado, para la eventual suscripción del Acta de Remate; además, deberán rendir caución no inferior al 10% del mínimo fijado para el remate, mediante vale vista a la orden del tribunal, con indicación del tomador para facilitar su devolución, el que deberá ser entregado en el tribunal ubicado en Huérfanos 1409 piso 3, el día anterior al fijado para la subasta, entre las 8:30 y 9:30 horas, acompañando además copia de la cédula de identidad del postor y del representante legal si procediere. Demás bases y antecedentes en autos Rol C-990-2025 caratulados 'Metlife Chile Seguros de Vida S.A. con Drews Rubilar'.

REMATE NOVENO JUZGADO CIVIL De Santiago, Huérfanos 1409, piso 3, Santiago. Se rematará por videoconferencia mediante plataforma zoom el día 24 de junio de 2025 a las 12:00 horas, la propiedad consistente en la unidad ciento uno (101) que corresponde al departamento ciento tres (213) del piso dos (2) del edificio d, del condominio Parque Torreones, construido en el inmueble de Avenida Torreones este número mil setecientos treinta y uno (1.731), lote Z, sector Torreones De Bellavista, de la ciudad y comuna de Concepción. Además, se comprenden todos los derechos de dominio, uso y goce que le corresponden en el terreno y demás bienes que se reputan comunes. Se incluye además el derecho de uso y goce exclusivo sobre el estacionamiento ciento diez. Inmueble inscrito a nombre del ejecutado a fojas 1910 Número 278 correspondiente al registro de propiedad del año 2022 del Conservador De Bienes Raíces De Concepción. Mínimo para las posturas será la suma de $ 44.150.332.- Todo postor interesado, con excepción de la parte ejecutante y el ejecutante si lo hubiere, deberá entregar materialmente un vale vista que corresponderá al 10% del precio mínimo fijado para la subasta, el día inmediata-
